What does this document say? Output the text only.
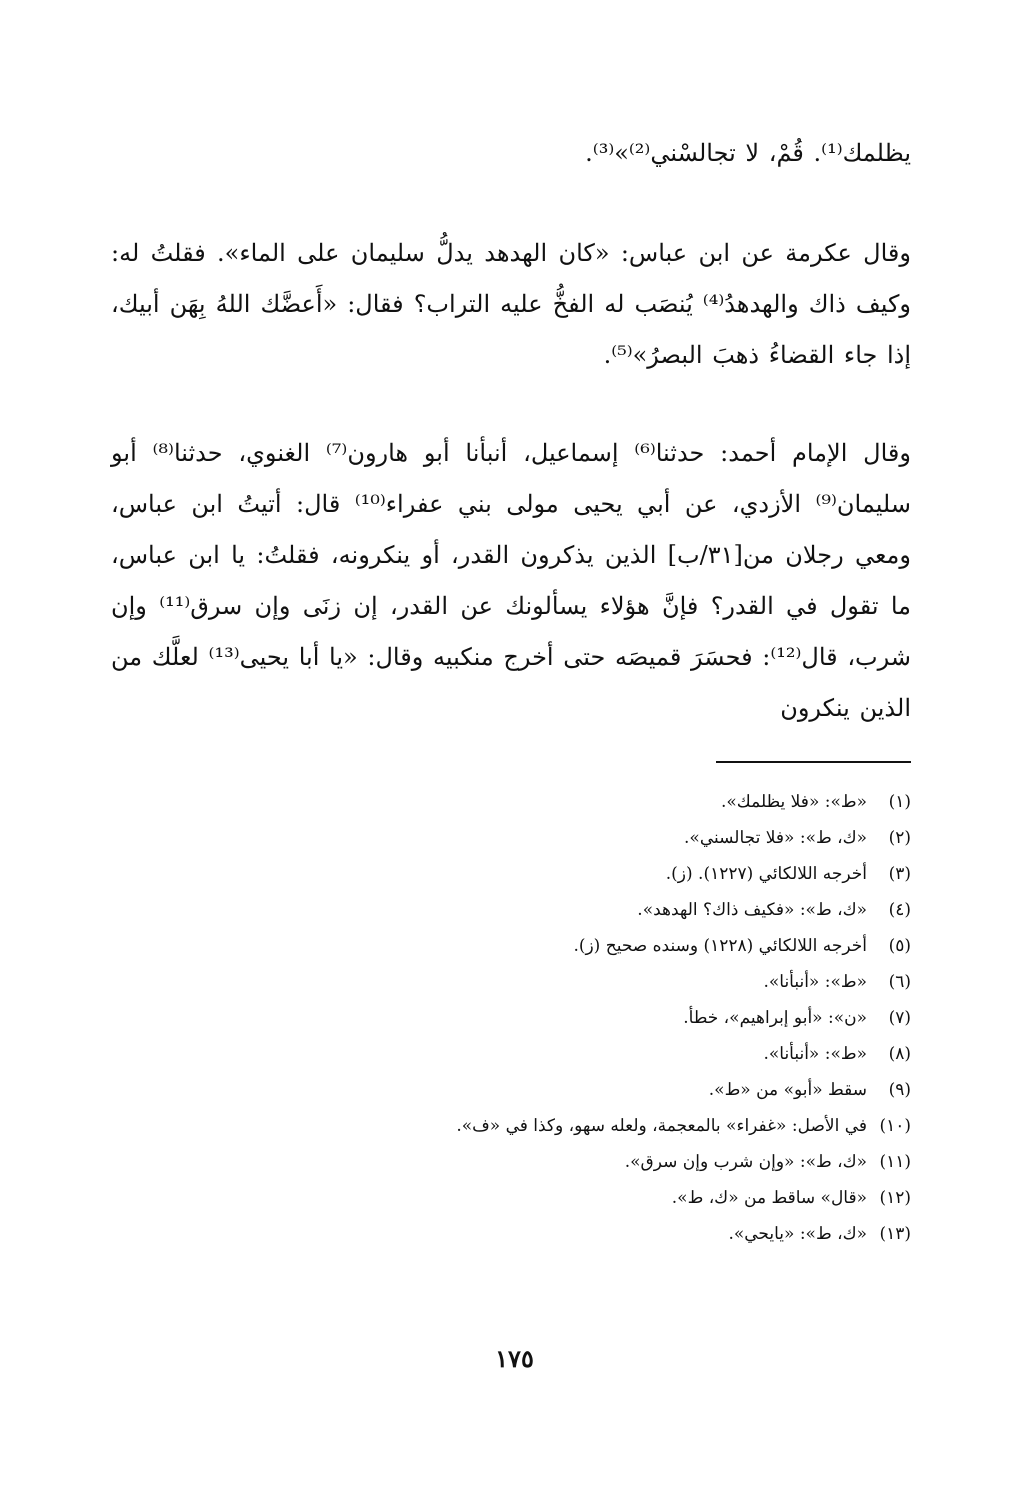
يظلمك⁽¹⁾. قُمْ، لا تجالسْني⁽²⁾»⁽³⁾.

وقال عكرمة عن ابن عباس: «كان الهدهد يدلُّ سليمان على الماء». فقلتُ له: وكيف ذاك والهدهدُ⁽⁴⁾ يُنصَب له الفخُّ عليه التراب؟ فقال: «أَعضَّك اللهُ بِهَن أبيك، إذا جاء القضاءُ ذهبَ البصرُ»⁽⁵⁾.

وقال الإمام أحمد: حدثنا⁽⁶⁾ إسماعيل، أنبأنا أبو هارون⁽⁷⁾ الغنوي، حدثنا⁽⁸⁾ أبو سليمان⁽⁹⁾ الأزدي، عن أبي يحيى مولى بني عفراء⁽¹⁰⁾ قال: أتيتُ ابن عباس، ومعي رجلان من[٣١/ب] الذين يذكرون القدر، أو ينكرونه، فقلتُ: يا ابن عباس، ما تقول في القدر؟ فإنَّ هؤلاء يسألونك عن القدر، إن زنَى وإن سرق⁽¹¹⁾ وإن شرب، قال⁽¹²⁾: فحسَرَ قميصَه حتى أخرج منكبيه وقال: «يا أبا يحيى⁽¹³⁾ لعلَّك من الذين ينكرون

(١)«ط»: «فلا يظلمك».
(٢)«ك، ط»: «فلا تجالسني».
(٣)أخرجه اللالكائي (١٢٢٧). (ز).
(٤)«ك، ط»: «فكيف ذاك؟ الهدهد».
(٥)أخرجه اللالكائي (١٢٢٨) وسنده صحيح (ز).
(٦)«ط»: «أنبأنا».
(٧)«ن»: «أبو إبراهيم»، خطأ.
(٨)«ط»: «أنبأنا».
(٩)سقط «أبو» من «ط».
(١٠)في الأصل: «غفراء» بالمعجمة، ولعله سهو، وكذا في «ف».
(١١)«ك، ط»: «وإن شرب وإن سرق».
(١٢)«قال» ساقط من «ك، ط».
(١٣)«ك، ط»: «يايحي».
١٧٥
